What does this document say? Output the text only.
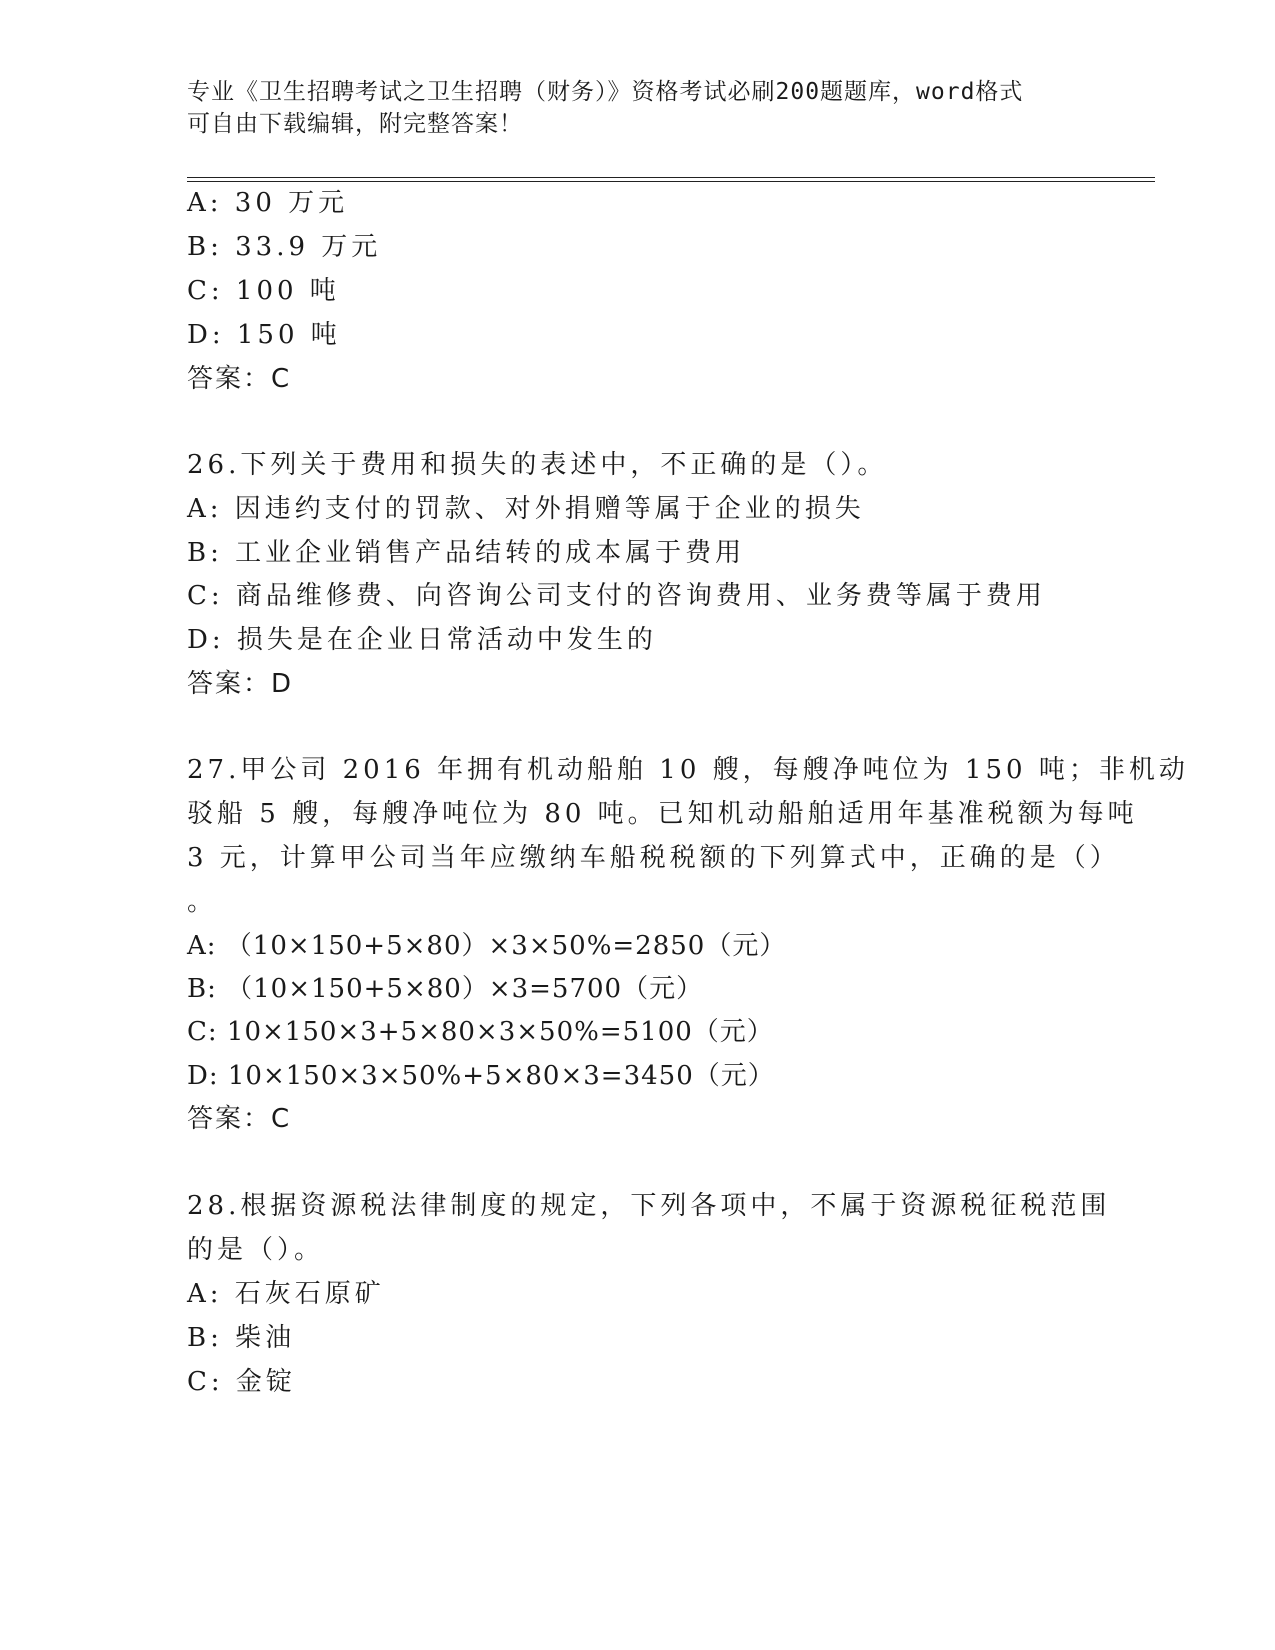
专业《卫生招聘考试之卫生招聘（财务）》资格考试必刷200题题库，word格式
可自由下载编辑，附完整答案！
A: 30 万元
B: 33.9 万元
C: 100 吨
D: 150 吨
答案：C
26.下列关于费用和损失的表述中，不正确的是（）。
A: 因违约支付的罚款、对外捐赠等属于企业的损失
B: 工业企业销售产品结转的成本属于费用
C: 商品维修费、向咨询公司支付的咨询费用、业务费等属于费用
D: 损失是在企业日常活动中发生的
答案：D
27.甲公司 2016 年拥有机动船舶 10 艘，每艘净吨位为 150 吨；非机动
驳船 5 艘，每艘净吨位为 80 吨。已知机动船舶适用年基准税额为每吨
3 元，计算甲公司当年应缴纳车船税税额的下列算式中，正确的是（）
。
A: （10×150+5×80）×3×50%=2850（元）
B: （10×150+5×80）×3=5700（元）
C: 10×150×3+5×80×3×50%=5100（元）
D: 10×150×3×50%+5×80×3=3450（元）
答案：C
28.根据资源税法律制度的规定，下列各项中，不属于资源税征税范围
的是（）。
A: 石灰石原矿
B: 柴油
C: 金锭
